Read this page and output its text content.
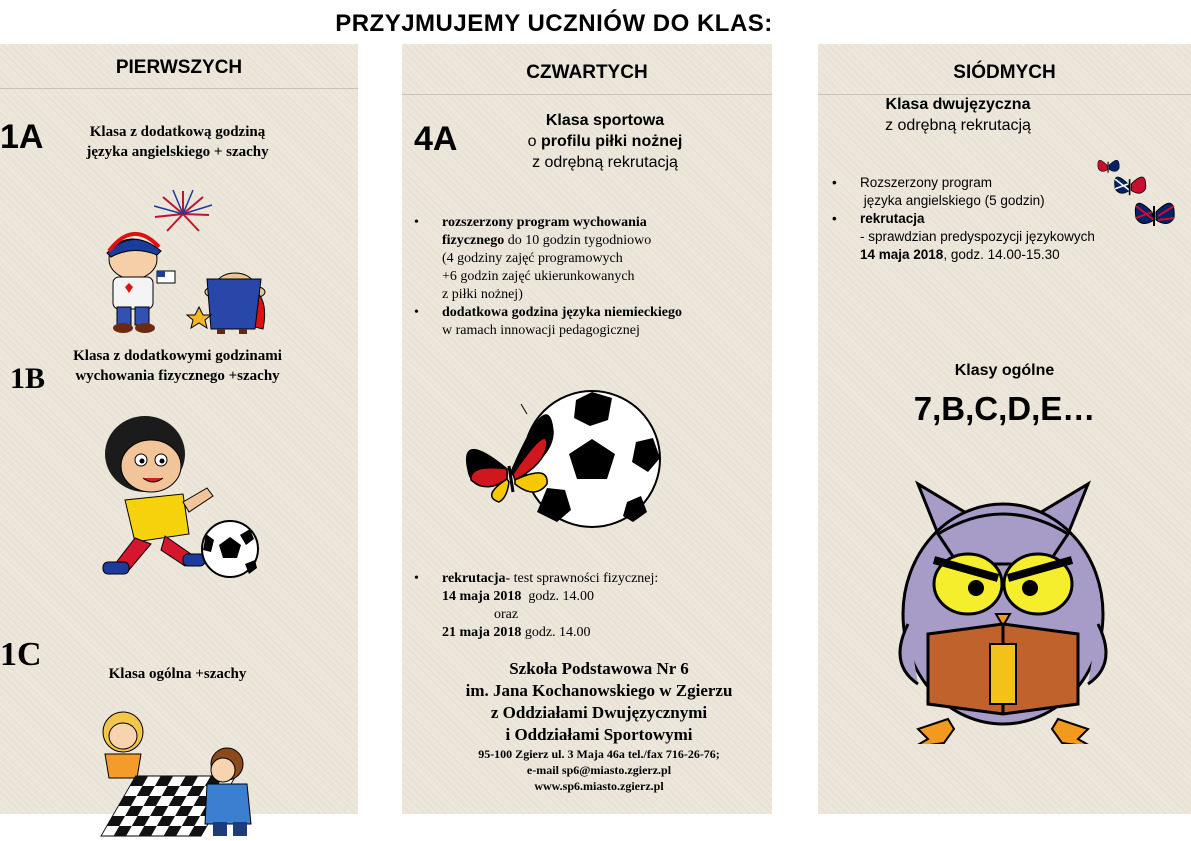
PRZYJMUJEMY UCZNIÓW DO KLAS:
PIERWSZYCH
1A	Klasa z dodatkową godziną
języka angielskiego + szachy
1B
Klasa z dodatkowymi godzinami
wychowania fizycznego +szachy
1C
Klasa ogólna +szachy
CZWARTYCH
4A	Klasa sportowa
o profilu piłki nożnej
z odrębną rekrutacją
• rozszerzony program wychowania
fizycznego do 10 godzin tygodniowo
(4 godziny zajęć programowych
+6 godzin zajęć ukierunkowanych
z piłki nożnej)
• dodatkowa godzina języka niemieckiego
w ramach innowacji pedagogicznej
• rekrutacja- test sprawności fizycznej:
14 maja 2018  godz. 14.00
oraz
21 maja 2018 godz. 14.00
Szkoła Podstawowa Nr 6
im. Jana Kochanowskiego w Zgierzu
z Oddziałami Dwujęzycznymi
i Oddziałami Sportowymi
95-100 Zgierz ul. 3 Maja 46a tel./fax 716-26-76;
e-mail sp6@miasto.zgierz.pl
www.sp6.miasto.zgierz.pl
SIÓDMYCH
Klasa dwujęzyczna
z odrębną rekrutacją
• Rozszerzony program
języka angielskiego (5 godzin)
• rekrutacja
- sprawdzian predyspozycji językowych
14 maja 2018, godz. 14.00-15.30
Klasy ogólne
7,B,C,D,E…
